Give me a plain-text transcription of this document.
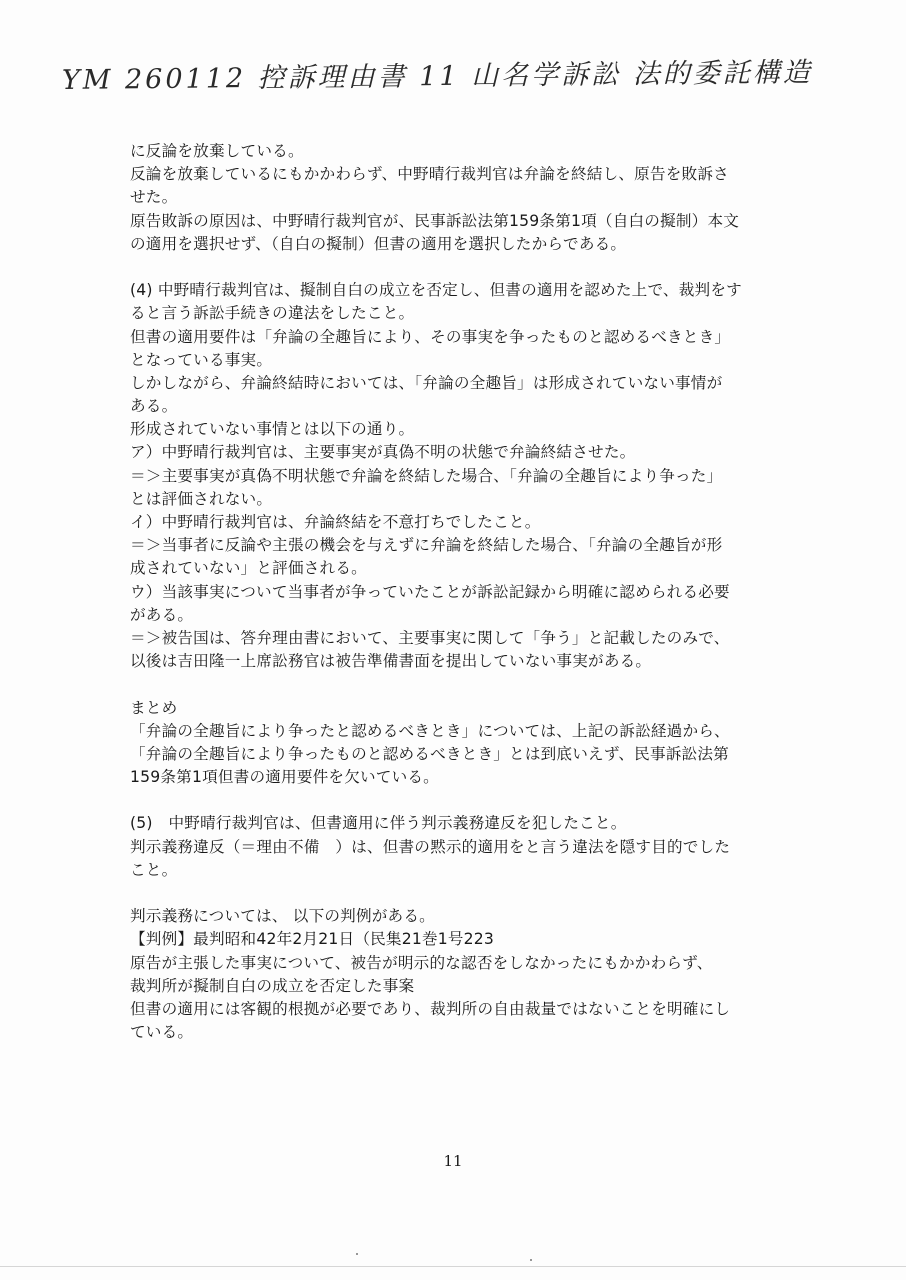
YM 260112 控訴理由書 11 山名学訴訟 法的委託構造
に反論を放棄している。
反論を放棄しているにもかかわらず、中野晴行裁判官は弁論を終結し、原告を敗訴さ
せた。
原告敗訴の原因は、中野晴行裁判官が、民事訴訟法第159条第1項（自白の擬制）本文
の適用を選択せず、（自白の擬制）但書の適用を選択したからである。
(4) 中野晴行裁判官は、擬制自白の成立を否定し、但書の適用を認めた上で、裁判をす
ると言う訴訟手続きの違法をしたこと。
但書の適用要件は「弁論の全趣旨により、その事実を争ったものと認めるべきとき」
となっている事実。
しかしながら、弁論終結時においては、「弁論の全趣旨」は形成されていない事情が
ある。
形成されていない事情とは以下の通り。
ア）中野晴行裁判官は、主要事実が真偽不明の状態で弁論終結させた。
＝＞主要事実が真偽不明状態で弁論を終結した場合、「弁論の全趣旨により争った」
とは評価されない。
イ）中野晴行裁判官は、弁論終結を不意打ちでしたこと。
＝＞当事者に反論や主張の機会を与えずに弁論を終結した場合、「弁論の全趣旨が形
成されていない」と評価される。
ウ）当該事実について当事者が争っていたことが訴訟記録から明確に認められる必要
がある。
＝＞被告国は、答弁理由書において、主要事実に関して「争う」と記載したのみで、
以後は吉田隆一上席訟務官は被告準備書面を提出していない事実がある。
まとめ
「弁論の全趣旨により争ったと認めるべきとき」については、上記の訴訟経過から、
「弁論の全趣旨により争ったものと認めるべきとき」とは到底いえず、民事訴訟法第
159条第1項但書の適用要件を欠いている。
(5)　中野晴行裁判官は、但書適用に伴う判示義務違反を犯したこと。
判示義務違反（＝理由不備　）は、但書の黙示的適用をと言う違法を隠す目的でした
こと。
判示義務については、 以下の判例がある。
【判例】最判昭和42年2月21日（民集21巻1号223
原告が主張した事実について、被告が明示的な認否をしなかったにもかかわらず、
裁判所が擬制自白の成立を否定した事案
但書の適用には客観的根拠が必要であり、裁判所の自由裁量ではないことを明確にし
ている。
11
